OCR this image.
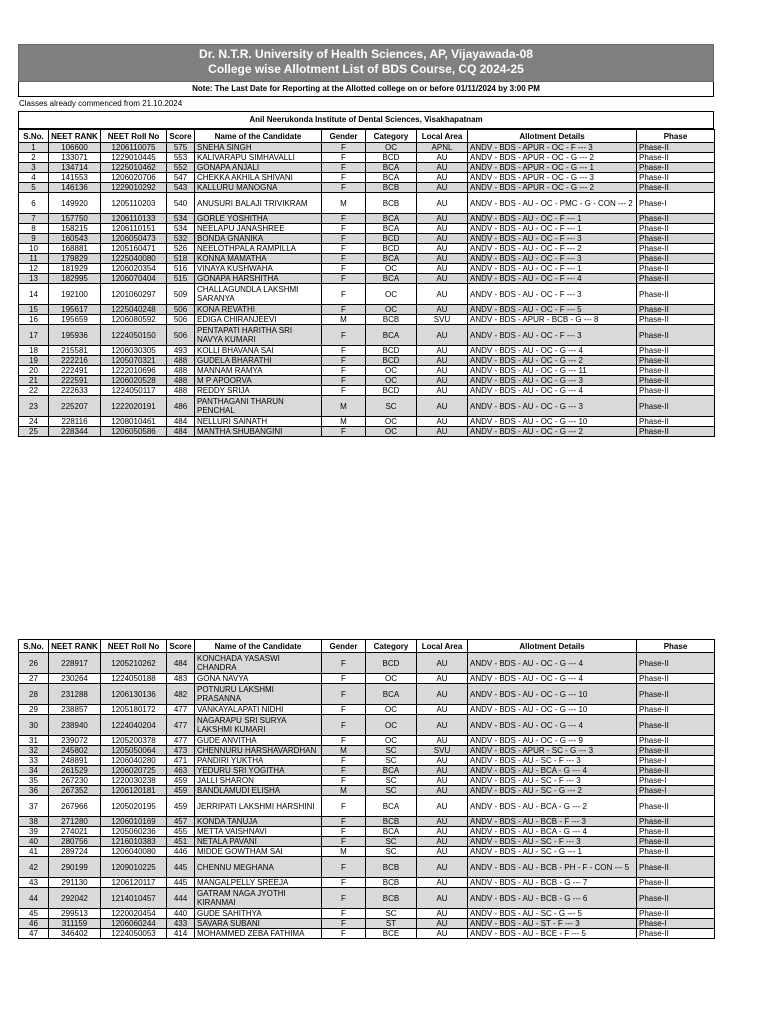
Dr. N.T.R. University of Health Sciences, AP, Vijayawada-08
College wise Allotment List of BDS Course, CQ 2024-25
Note: The Last Date for Reporting at the Allotted college on or before 01/11/2024 by 3:00 PM
Classes already commenced from 21.10.2024
Anil Neerukonda Institute of Dental Sciences, Visakhapatnam
S.No.	NEET RANK	NEET Roll No	Score	Name of the Candidate	Gender	Category	Local Area	Allotment Details	Phase
1	106600	1206110075	575	SNEHA SINGH	F	OC	APNL	ANDV - BDS - APUR - OC - F --- 3	Phase-II
2	133071	1229010445	553	KALIVARAPU SIMHAVALLI	F	BCD	AU	ANDV - BDS - APUR - OC - G --- 2	Phase-II
3	134714	1225010462	552	GONAPA ANJALI	F	BCA	AU	ANDV - BDS - APUR - OC - G --- 1	Phase-II
4	141553	1206020706	547	CHEKKA AKHILA SHIVANI	F	BCA	AU	ANDV - BDS - APUR - OC - G --- 3	Phase-II
5	146136	1229010292	543	KALLURU MANOGNA	F	BCB	AU	ANDV - BDS - APUR - OC - G --- 2	Phase-II
6	149920	1205110203	540	ANUSURI BALAJI TRIVIKRAM	M	BCB	AU	ANDV - BDS - AU - OC - PMC - G - CON --- 2	Phase-I
7	157750	1206110133	534	GORLE YOSHITHA	F	BCA	AU	ANDV - BDS - AU - OC - F --- 1	Phase-II
8	158215	1206110151	534	NEELAPU JANASHREE	F	BCA	AU	ANDV - BDS - AU - OC - F --- 1	Phase-II
9	160543	1206050473	532	BONDA GNANIKA	F	BCD	AU	ANDV - BDS - AU - OC - F --- 3	Phase-II
10	168881	1205160471	526	NEELOTHPALA RAMPILLA	F	BCD	AU	ANDV - BDS - AU - OC - F --- 2	Phase-II
11	179829	1225040080	518	KONNA MAMATHA	F	BCA	AU	ANDV - BDS - AU - OC - F --- 3	Phase-II
12	181929	1206020354	516	VINAYA KUSHWAHA	F	OC	AU	ANDV - BDS - AU - OC - F --- 1	Phase-II
13	182995	1206070404	515	GONAPA HARSHITHA	F	BCA	AU	ANDV - BDS - AU - OC - F --- 4	Phase-II
14	192100	1201060297	509	CHALLAGUNDLA LAKSHMI SARANYA	F	OC	AU	ANDV - BDS - AU - OC - F --- 3	Phase-II
15	195617	1225040248	506	KONA REVATHI	F	OC	AU	ANDV - BDS - AU - OC - F --- 5	Phase-II
16	195659	1206080592	506	EDIGA CHIRANJEEVI	M	BCB	SVU	ANDV - BDS - APUR - BCB - G --- 8	Phase-II
17	195936	1224050150	506	PENTAPATI HARITHA SRI NAVYA KUMARI	F	BCA	AU	ANDV - BDS - AU - OC - F --- 3	Phase-II
18	215581	1206030305	493	KOLLI BHAVANA SAI	F	BCD	AU	ANDV - BDS - AU - OC - G --- 4	Phase-II
19	222216	1205070321	488	GUDELA BHARATHI	F	BCD	AU	ANDV - BDS - AU - OC - G --- 2	Phase-II
20	222491	1222010696	488	MANNAM RAMYA	F	OC	AU	ANDV - BDS - AU - OC - G --- 11	Phase-II
21	222591	1206020528	488	M P APOORVA	F	OC	AU	ANDV - BDS - AU - OC - G --- 3	Phase-II
22	222633	1224050117	488	REDDY SRIJA	F	BCD	AU	ANDV - BDS - AU - OC - G --- 4	Phase-II
23	225207	1222020191	486	PANTHAGANI THARUN PENCHAL	M	SC	AU	ANDV - BDS - AU - OC - G --- 3	Phase-II
24	228116	1208010461	484	NELLURI SAINATH	M	OC	AU	ANDV - BDS - AU - OC - G --- 10	Phase-II
25	228344	1206050586	484	MANTHA SHUBANGINI	F	OC	AU	ANDV - BDS - AU - OC - G --- 2	Phase-II
S.No.	NEET RANK	NEET Roll No	Score	Name of the Candidate	Gender	Category	Local Area	Allotment Details	Phase
26	228917	1205210262	484	KONCHADA YASASWI CHANDRA	F	BCD	AU	ANDV - BDS - AU - OC - G --- 4	Phase-II
27	230264	1224050188	483	GONA NAVYA	F	OC	AU	ANDV - BDS - AU - OC - G --- 4	Phase-II
28	231288	1206130136	482	POTNURU LAKSHMI PRASANNA	F	BCA	AU	ANDV - BDS - AU - OC - G --- 10	Phase-II
29	238857	1205180172	477	VANKAYALAPATI NIDHI	F	OC	AU	ANDV - BDS - AU - OC - G --- 10	Phase-II
30	238940	1224040204	477	NAGARAPU SRI SURYA LAKSHMI KUMARI	F	OC	AU	ANDV - BDS - AU - OC - G --- 4	Phase-II
31	239072	1205200378	477	GUDE ANVITHA	F	OC	AU	ANDV - BDS - AU - OC - G --- 9	Phase-II
32	245802	1205050064	473	CHENNURU HARSHAVARDHAN	M	SC	SVU	ANDV - BDS - APUR - SC - G --- 3	Phase-II
33	248891	1206040280	471	PANDIRI YUKTHA	F	SC	AU	ANDV - BDS - AU - SC - F --- 3	Phase-I
34	261529	1206020725	463	YEDURU SRI YOGITHA	F	BCA	AU	ANDV - BDS - AU - BCA - G --- 4	Phase-II
35	267230	1220030238	459	JALLI SHARON	F	SC	AU	ANDV - BDS - AU - SC - F --- 3	Phase-I
36	267352	1206120181	459	BANDLAMUDI ELISHA	M	SC	AU	ANDV - BDS - AU - SC - G --- 2	Phase-I
37	267966	1205020195	459	JERRIPATI LAKSHMI HARSHINI	F	BCA	AU	ANDV - BDS - AU - BCA - G --- 2	Phase-II
38	271280	1206010169	457	KONDA TANUJA	F	BCB	AU	ANDV - BDS - AU - BCB - F --- 3	Phase-II
39	274021	1205060236	455	METTA VAISHNAVI	F	BCA	AU	ANDV - BDS - AU - BCA - G --- 4	Phase-II
40	280756	1216010383	451	NETALA PAVANI	F	SC	AU	ANDV - BDS - AU - SC - F --- 3	Phase-II
41	289724	1206040080	446	MIDDE GOWTHAM SAI	M	SC	AU	ANDV - BDS - AU - SC - G --- 1	Phase-II
42	290199	1209010225	445	CHENNU MEGHANA	F	BCB	AU	ANDV - BDS - AU - BCB - PH - F - CON --- 5	Phase-II
43	291130	1206120117	445	MANGALPELLY SREEJA	F	BCB	AU	ANDV - BDS - AU - BCB - G --- 7	Phase-II
44	292042	1214010457	444	GATRAM NAGA JYOTHI KIRANMAI	F	BCB	AU	ANDV - BDS - AU - BCB - G --- 6	Phase-II
45	299513	1220020454	440	GUDE SAHITHYA	F	SC	AU	ANDV - BDS - AU - SC - G --- 5	Phase-II
46	311159	1206060244	433	SAVARA SUBANI	F	ST	AU	ANDV - BDS - AU - ST - F --- 3	Phase-I
47	346402	1224050053	414	MOHAMMED ZEBA FATHIMA	F	BCE	AU	ANDV - BDS - AU - BCE - F --- 5	Phase-II
